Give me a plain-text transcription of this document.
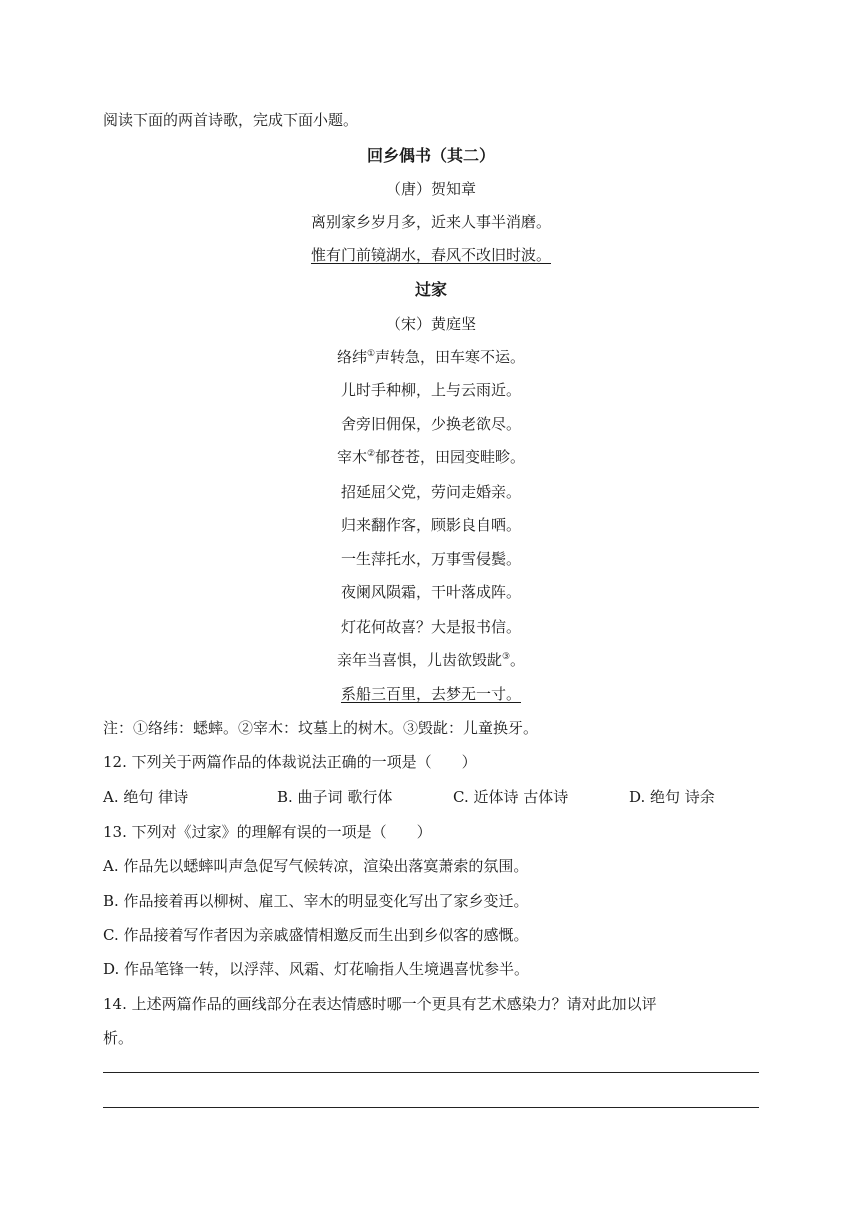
阅读下面的两首诗歌，完成下面小题。
回乡偶书（其二）
（唐）贺知章
离别家乡岁月多，近来人事半消磨。
惟有门前镜湖水，春风不改旧时波。
过家
（宋）黄庭坚
络纬①声转急，田车寒不运。
儿时手种柳，上与云雨近。
舍旁旧佣保，少换老欲尽。
宰木②郁苍苍，田园变畦畛。
招延屈父党，劳问走婚亲。
归来翻作客，顾影良自哂。
一生萍托水，万事雪侵鬓。
夜阑风陨霜，干叶落成阵。
灯花何故喜？大是报书信。
亲年当喜惧，儿齿欲毁龀③。
系船三百里，去梦无一寸。
注：①络纬：蟋蟀。②宰木：坟墓上的树木。③毁龀：儿童换牙。
12. 下列关于两篇作品的体裁说法正确的一项是（　　）
A. 绝句 律诗	B. 曲子词 歌行体	C. 近体诗 古体诗	D. 绝句 诗余
13. 下列对《过家》的理解有误的一项是（　　）
A. 作品先以蟋蟀叫声急促写气候转凉，渲染出落寞萧索的氛围。
B. 作品接着再以柳树、雇工、宰木的明显变化写出了家乡变迁。
C. 作品接着写作者因为亲戚盛情相邀反而生出到乡似客的感慨。
D. 作品笔锋一转，以浮萍、风霜、灯花喻指人生境遇喜忧参半。
14. 上述两篇作品的画线部分在表达情感时哪一个更具有艺术感染力？请对此加以评
析。
